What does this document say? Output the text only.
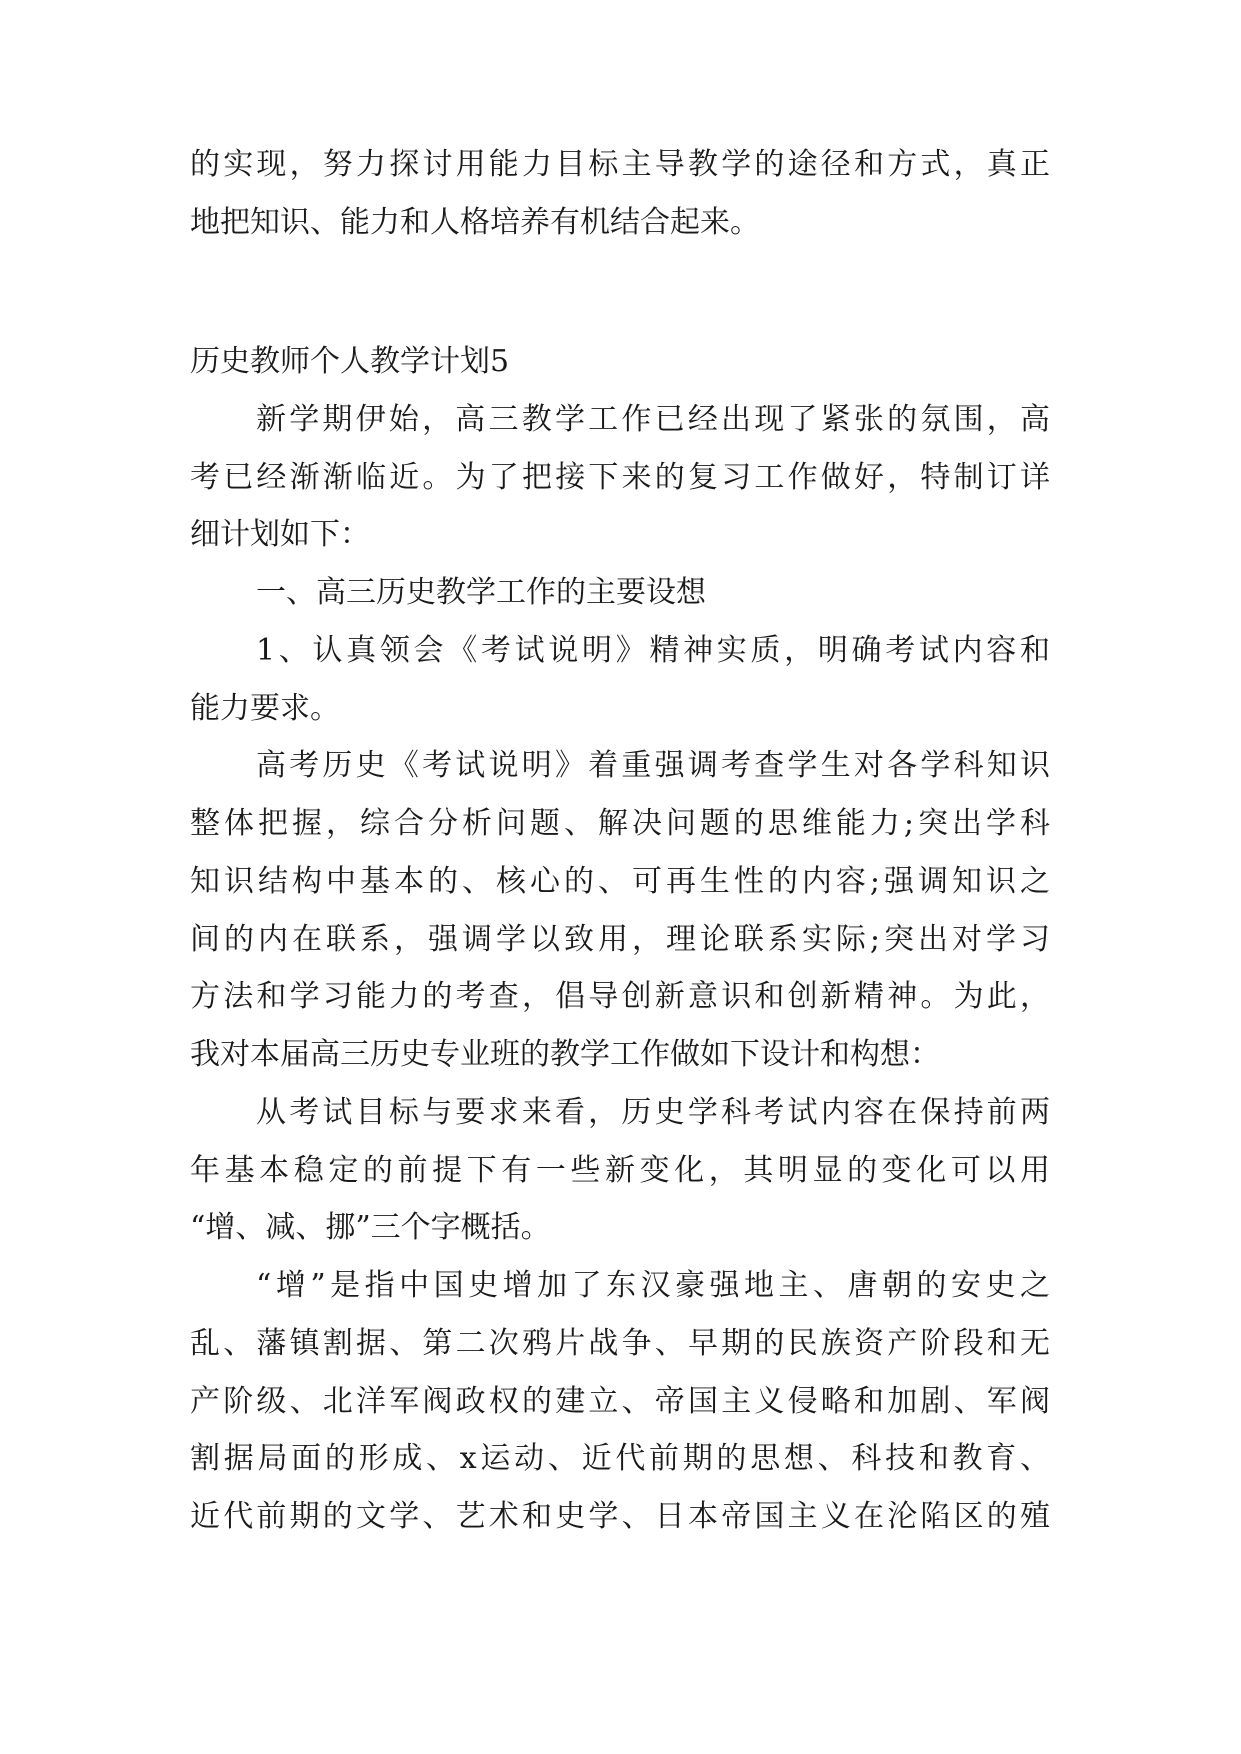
的实现，努力探讨用能力目标主导教学的途径和方式，真正
地把知识、能力和人格培养有机结合起来。
历史教师个人教学计划5
新学期伊始，高三教学工作已经出现了紧张的氛围，高
考已经渐渐临近。为了把接下来的复习工作做好，特制订详
细计划如下：
一、高三历史教学工作的主要设想
1、认真领会《考试说明》精神实质，明确考试内容和
能力要求。
高考历史《考试说明》着重强调考查学生对各学科知识
整体把握，综合分析问题、解决问题的思维能力;突出学科
知识结构中基本的、核心的、可再生性的内容;强调知识之
间的内在联系，强调学以致用，理论联系实际;突出对学习
方法和学习能力的考查，倡导创新意识和创新精神。为此，
我对本届高三历史专业班的教学工作做如下设计和构想：
从考试目标与要求来看，历史学科考试内容在保持前两
年基本稳定的前提下有一些新变化，其明显的变化可以用
“增、减、挪”三个字概括。
“增”是指中国史增加了东汉豪强地主、唐朝的安史之
乱、藩镇割据、第二次鸦片战争、早期的民族资产阶段和无
产阶级、北洋军阀政权的建立、帝国主义侵略和加剧、军阀
割据局面的形成、x运动、近代前期的思想、科技和教育、
近代前期的文学、艺术和史学、日本帝国主义在沦陷区的殖
